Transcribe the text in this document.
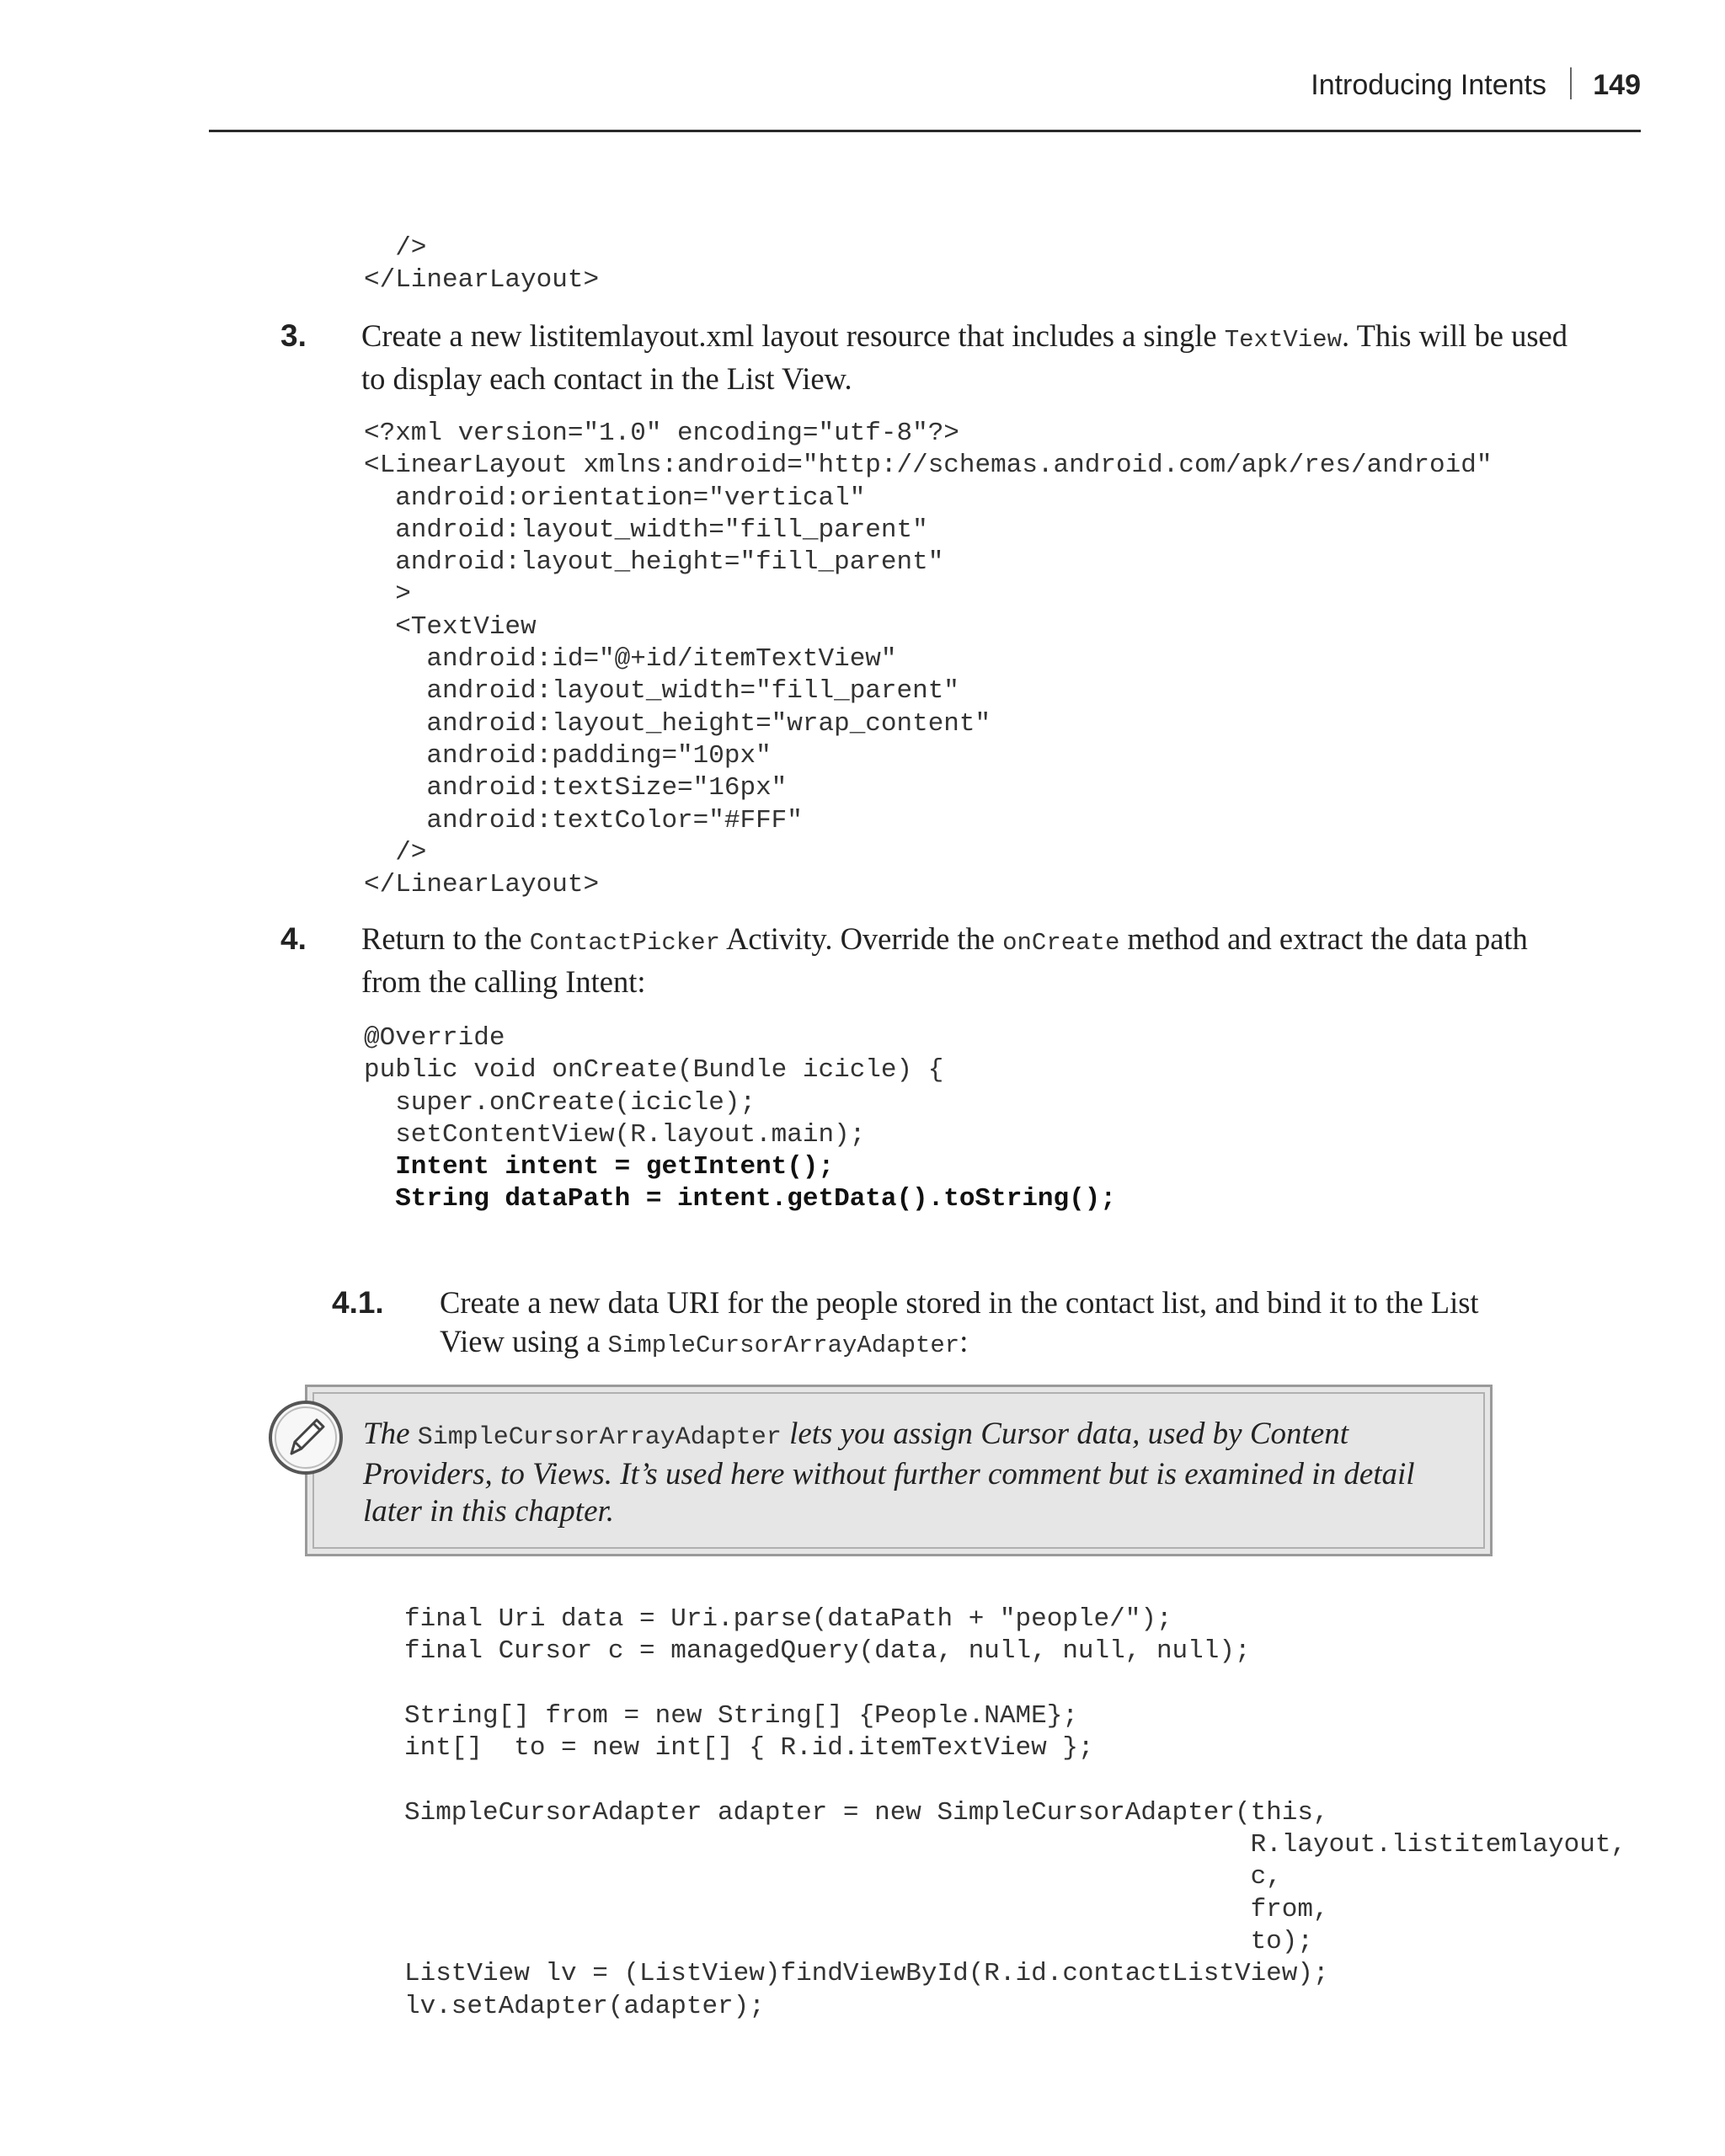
Introducing Intents 149
/>
</LinearLayout>
3. Create a new listitemlayout.xml layout resource that includes a single TextView. This will be used to display each contact in the List View.
<?xml version="1.0" encoding="utf-8"?>
<LinearLayout xmlns:android="http://schemas.android.com/apk/res/android"
android:orientation="vertical"
android:layout_width="fill_parent"
android:layout_height="fill_parent"
>
<TextView
android:id="@+id/itemTextView"
android:layout_width="fill_parent"
android:layout_height="wrap_content"
android:padding="10px"
android:textSize="16px"
android:textColor="#FFF"
/>
</LinearLayout>
4. Return to the ContactPicker Activity. Override the onCreate method and extract the data path from the calling Intent:
@Override
public void onCreate(Bundle icicle) {
super.onCreate(icicle);
setContentView(R.layout.main);

Intent intent = getIntent();
String dataPath = intent.getData().toString();
4.1. Create a new data URI for the people stored in the contact list, and bind it to the List View using a SimpleCursorArrayAdapter:
The SimpleCursorArrayAdapter lets you assign Cursor data, used by Content Providers, to Views. It’s used here without further comment but is examined in detail later in this chapter.
final Uri data = Uri.parse(dataPath + "people/");
final Cursor c = managedQuery(data, null, null, null);

String[] from = new String[] {People.NAME};
int[]  to = new int[] { R.id.itemTextView };

SimpleCursorAdapter adapter = new SimpleCursorAdapter(this,
R.layout.listitemlayout,
c,
from,
to);
ListView lv = (ListView)findViewById(R.id.contactListView);
lv.setAdapter(adapter);
